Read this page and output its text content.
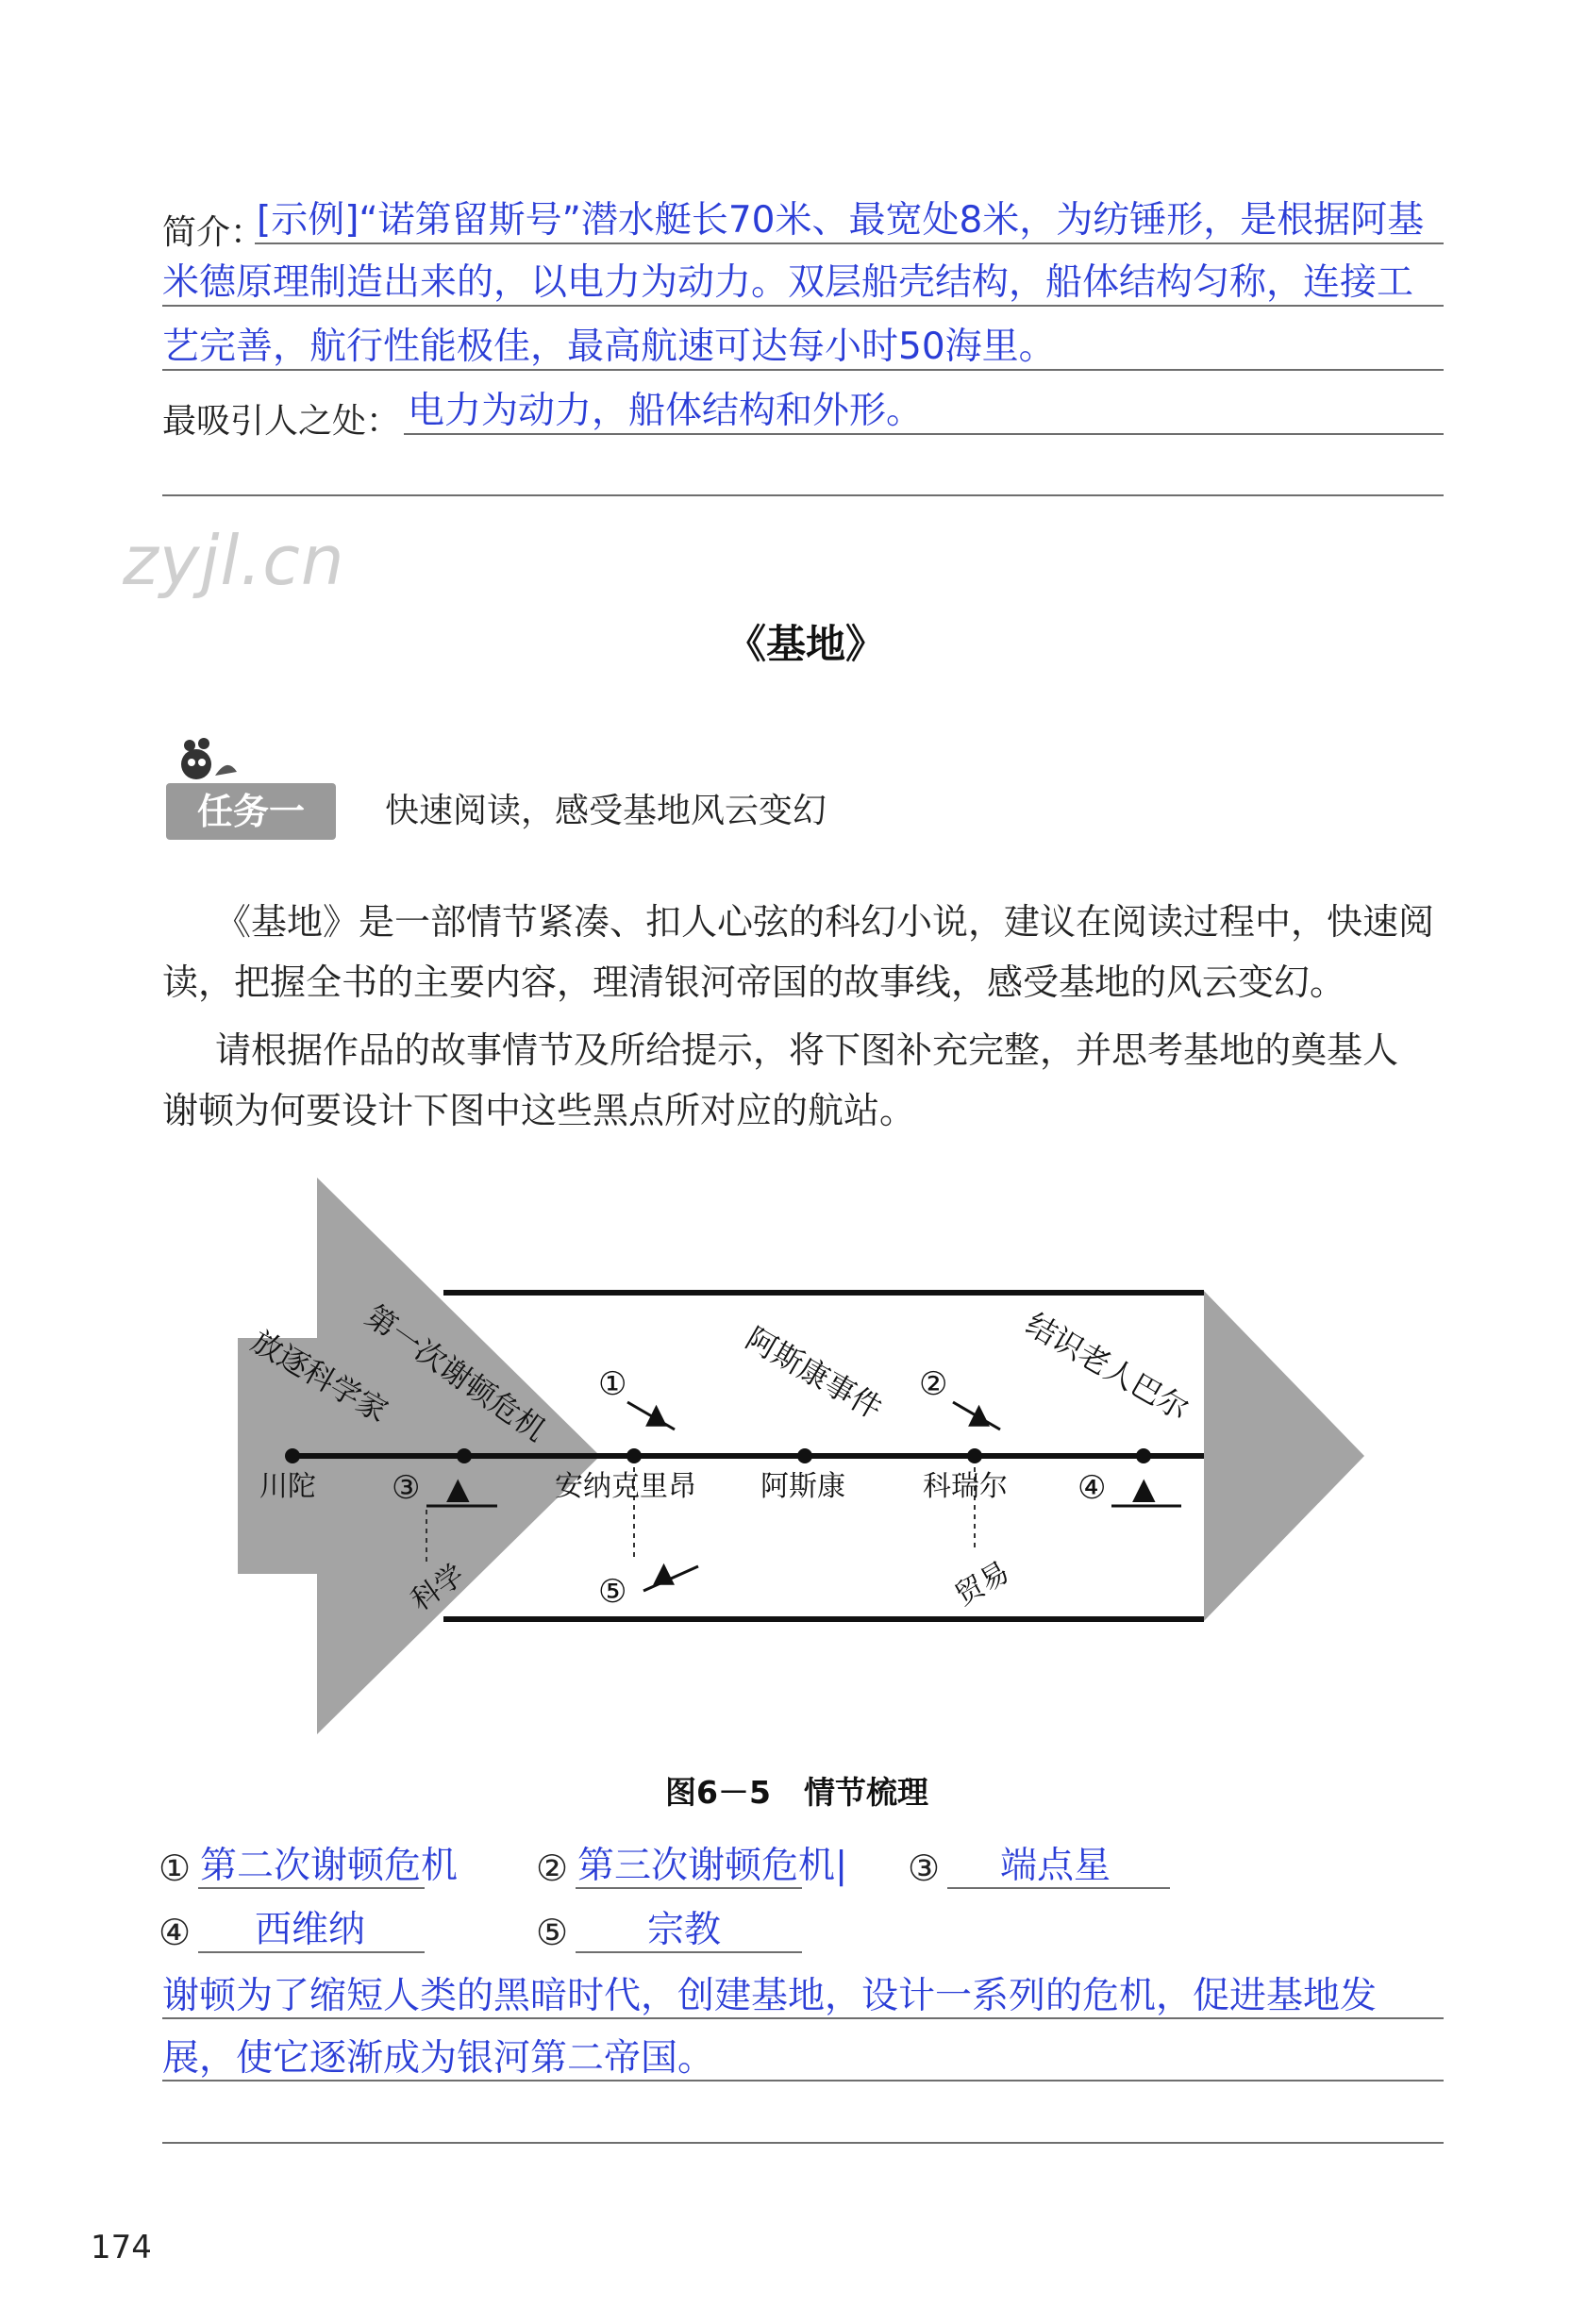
简介：
[示例]“诺第留斯号”潜水艇长70米、最宽处8米，为纺锤形，是根据阿基
米德原理制造出来的，以电力为动力。双层船壳结构，船体结构匀称，连接工
艺完善，航行性能极佳，最高航速可达每小时50海里。
最吸引人之处： 电力为动力，船体结构和外形。
zyjl.cn
《基地》
任务一	快速阅读，感受基地风云变幻
《基地》是一部情节紧凑、扣人心弦的科幻小说，建议在阅读过程中，快速阅
读，把握全书的主要内容，理清银河帝国的故事线，感受基地的风云变幻。
请根据作品的故事情节及所给提示，将下图补充完整，并思考基地的奠基人
谢顿为何要设计下图中这些黑点所对应的航站。
川陀	安纳克里昂 阿斯康	科瑞尔
③ ▲	④ ▲
①
▲
②
▲
⑤
▲
放逐科学家
第一次谢顿危机	阿斯康事件	结识老人巴尔
科学	贸易
图6－5 情节梳理
① 第二次谢顿危机 ② 第三次谢顿危机| ③ 端点星
④ 西维纳	⑤ 宗教
谢顿为了缩短人类的黑暗时代，创建基地，设计一系列的危机，促进基地发
展，使它逐渐成为银河第二帝国。
174
